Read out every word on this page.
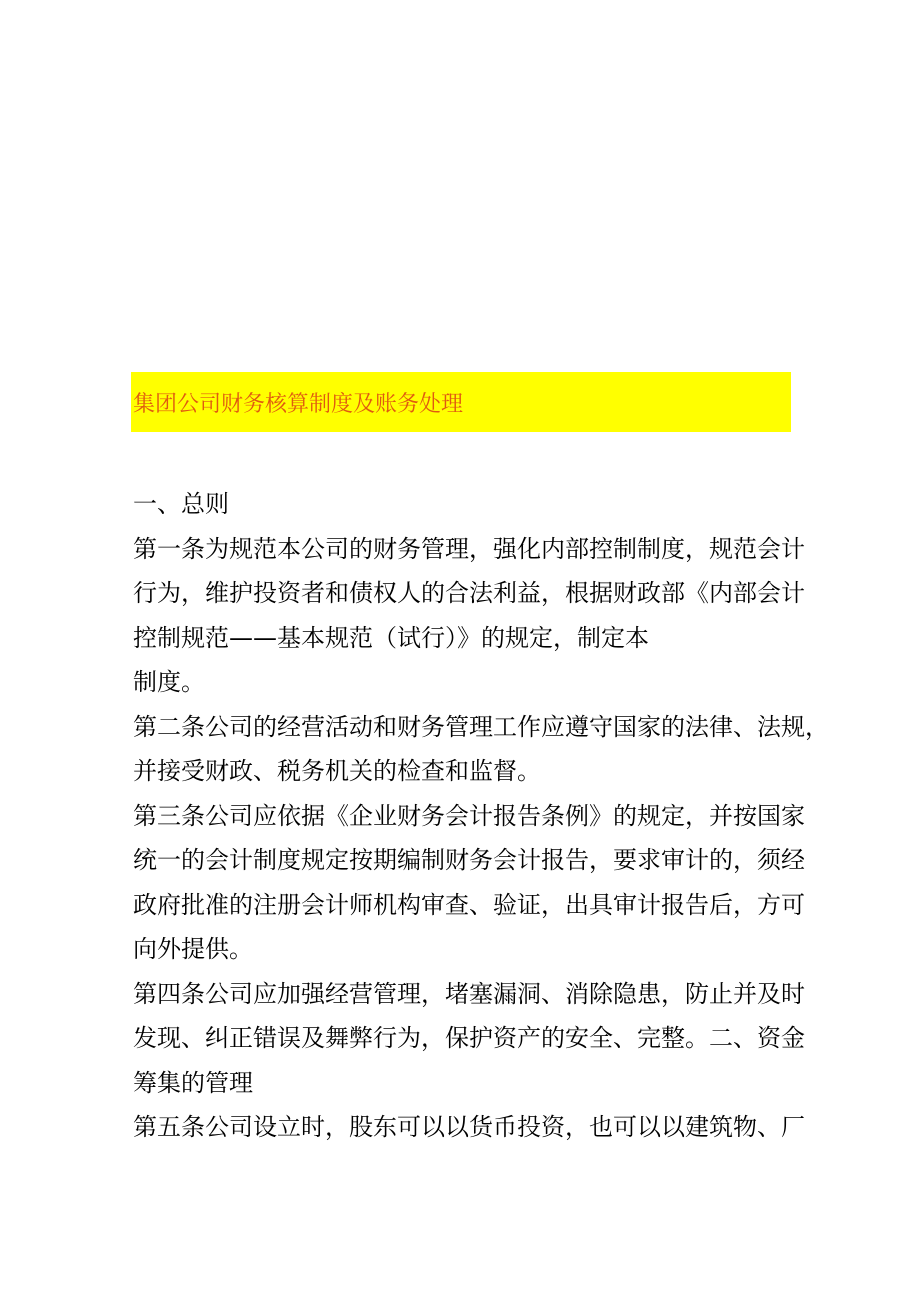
集团公司财务核算制度及账务处理
一、总则
第一条为规范本公司的财务管理，强化内部控制制度，规范会计
行为，维护投资者和债权人的合法利益，根据财政部《内部会计
控制规范——基本规范（试行）》的规定，制定本
制度。
第二条公司的经营活动和财务管理工作应遵守国家的法律、法规，
并接受财政、税务机关的检查和监督。
第三条公司应依据《企业财务会计报告条例》的规定，并按国家
统一的会计制度规定按期编制财务会计报告，要求审计的，须经
政府批准的注册会计师机构审查、验证，出具审计报告后，方可
向外提供。
第四条公司应加强经营管理，堵塞漏洞、消除隐患，防止并及时
发现、纠正错误及舞弊行为，保护资产的安全、完整。二、资金
筹集的管理
第五条公司设立时，股东可以以货币投资，也可以以建筑物、厂
